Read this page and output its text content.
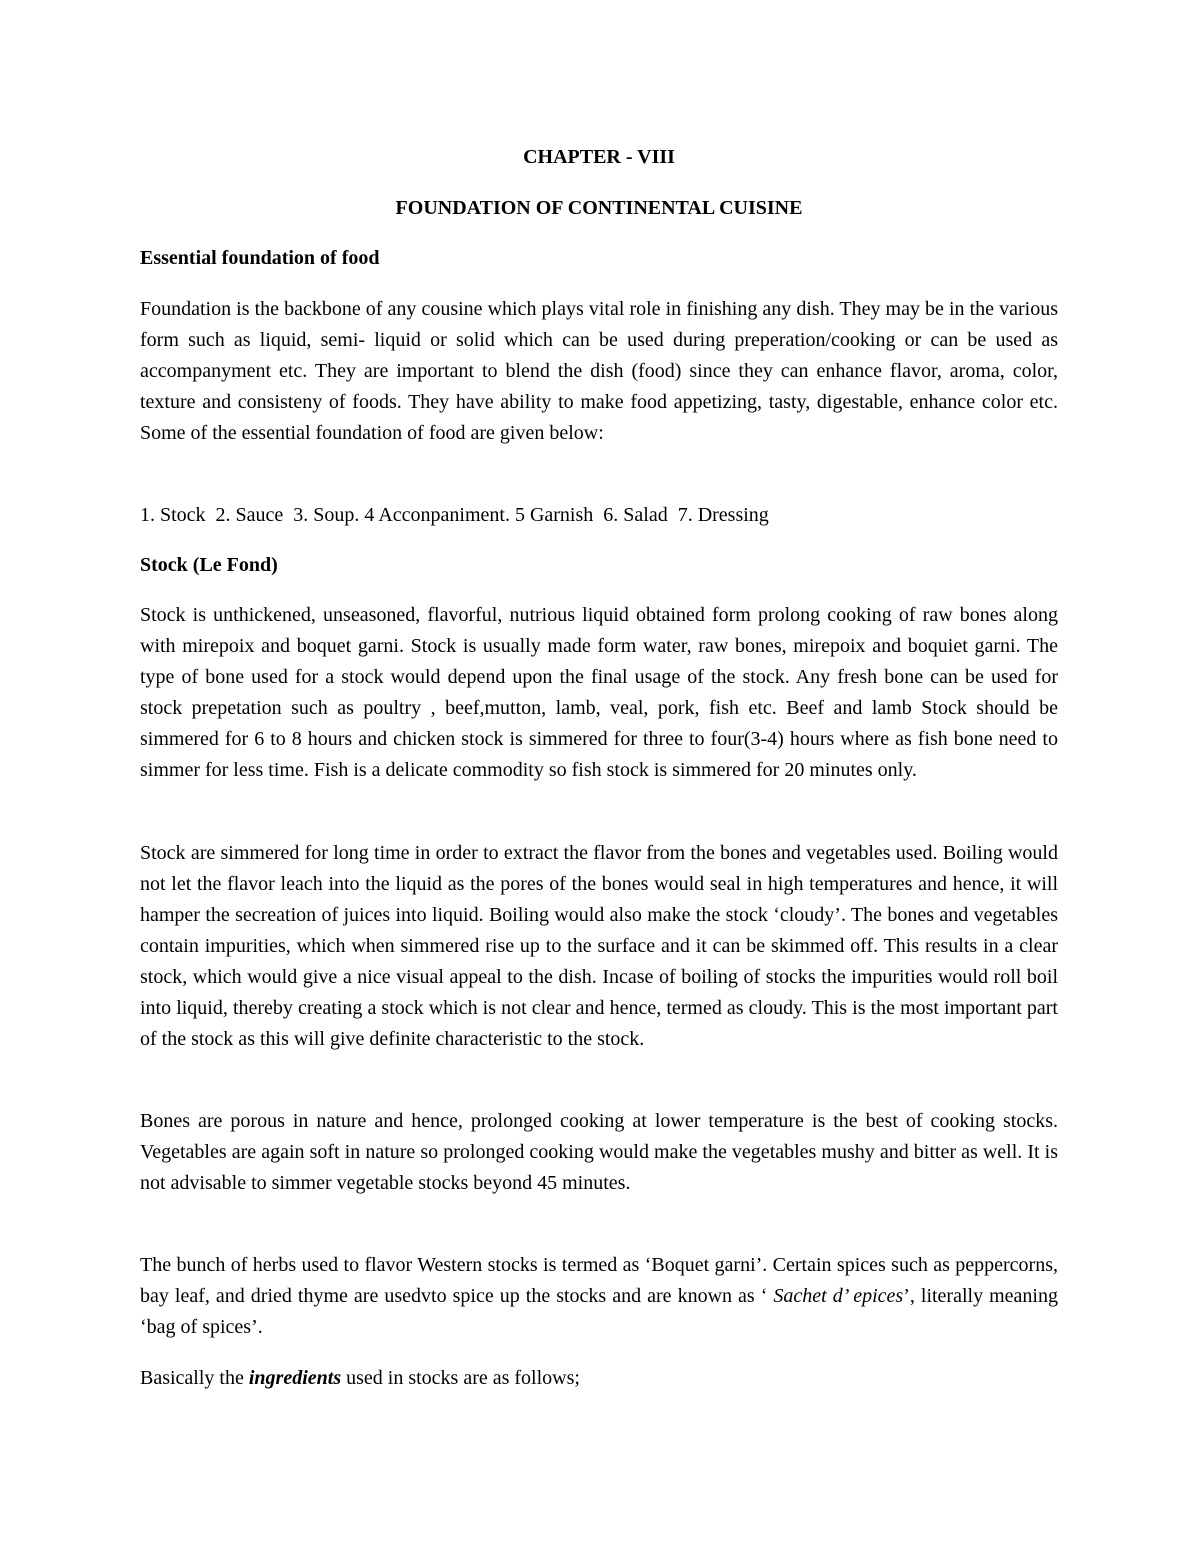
CHAPTER - VIII
FOUNDATION OF CONTINENTAL CUISINE
Essential foundation of food

Foundation is the backbone of any cousine which plays vital role in finishing any dish. They may be in the various form such as liquid, semi- liquid or solid which can be used during preperation/cooking or can be used as accompanyment etc. They are important to blend the dish (food) since they can enhance flavor, aroma, color, texture and consisteny of foods. They have ability to make food appetizing, tasty, digestable, enhance color etc. Some of the essential foundation of food are given below:

1. Stock  2. Sauce  3. Soup. 4 Acconpaniment. 5 Garnish  6. Salad  7. Dressing
Stock (Le Fond)

Stock is unthickened, unseasoned, flavorful, nutrious liquid obtained form prolong cooking of raw bones along with mirepoix and boquet garni. Stock is usually made form water, raw bones, mirepoix and boquiet garni. The type of bone used for a stock would depend upon the final usage of the stock. Any fresh bone can be used for stock prepetation such as poultry , beef,mutton, lamb, veal, pork, fish etc. Beef and lamb Stock should be simmered for 6 to 8 hours and chicken stock is simmered for three to four(3-4) hours where as fish bone need to simmer for less time. Fish is a delicate commodity so fish stock is simmered for 20 minutes only.

Stock are simmered for long time in order to extract the flavor from the bones and vegetables used. Boiling would not let the flavor leach into the liquid as the pores of the bones would seal in high temperatures and hence, it will hamper the secreation of juices into liquid. Boiling would also make the stock ‘cloudy’. The bones and vegetables contain impurities, which when simmered rise up to the surface and it can be skimmed off. This results in a clear stock, which would give a nice visual appeal to the dish. Incase of boiling of stocks the impurities would roll boil into liquid, thereby creating a stock which is not clear and hence, termed as cloudy. This is the most important part of the stock as this will give definite characteristic to the stock.

Bones are porous in nature and hence, prolonged cooking at lower temperature is the best of cooking stocks. Vegetables are again soft in nature so prolonged cooking would make the vegetables mushy and bitter as well. It is not advisable to simmer vegetable stocks beyond 45 minutes.

The bunch of herbs used to flavor Western stocks is termed as ‘Boquet garni’. Certain spices such as peppercorns, bay leaf, and dried thyme are usedvto spice up the stocks and are known as ‘ Sachet d’ epices’, literally meaning ‘bag of spices’.

Basically the ingredients used in stocks are as follows;
